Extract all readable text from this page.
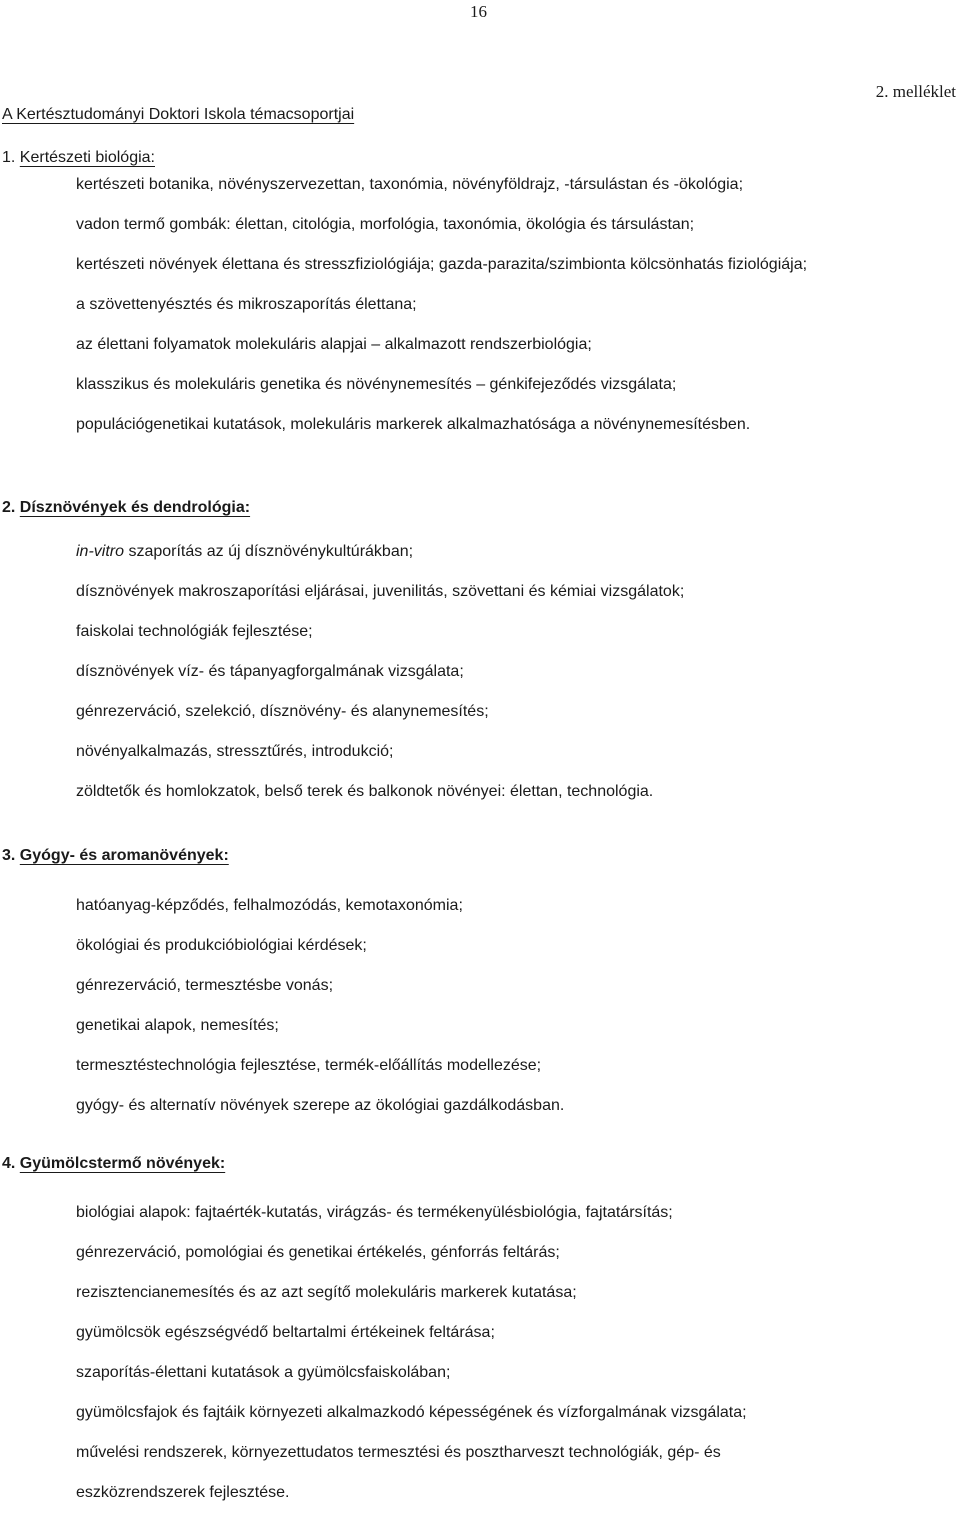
16
2. melléklet
A Kertésztudományi Doktori Iskola témacsoportjai
1. Kertészeti biológia:
kertészeti botanika, növényszervezettan, taxonómia, növényföldrajz, -társulástan és -ökológia;
vadon termő gombák: élettan, citológia, morfológia, taxonómia, ökológia és társulástan;
kertészeti növények élettana és stresszfiziológiája; gazda-parazita/szimbionta kölcsönhatás fiziológiája;
a szövettenyésztés és mikroszaporítás élettana;
az élettani folyamatok molekuláris alapjai – alkalmazott rendszerbiológia;
klasszikus és molekuláris genetika és növénynemesítés – génkifejeződés vizsgálata;
populációgenetikai kutatások, molekuláris markerek alkalmazhatósága a növénynemesítésben.
2. Dísznövények és dendrológia:
in-vitro szaporítás az új dísznövénykultúrákban;
dísznövények makroszaporítási eljárásai, juvenilitás, szövettani és kémiai vizsgálatok;
faiskolai technológiák fejlesztése;
dísznövények víz- és tápanyagforgalmának vizsgálata;
génrezerváció, szelekció, dísznövény- és alanynemesítés;
növényalkalmazás, stressztűrés, introdukció;
zöldtetők és homlokzatok, belső terek és balkonok növényei: élettan, technológia.
3. Gyógy- és aromanövények:
hatóanyag-képződés, felhalmozódás, kemotaxonómia;
ökológiai és produkcióbiológiai kérdések;
génrezerváció, termesztésbe vonás;
genetikai alapok, nemesítés;
termesztéstechnológia fejlesztése, termék-előállítás modellezése;
gyógy- és alternatív növények szerepe az ökológiai gazdálkodásban.
4. Gyümölcstermő növények:
biológiai alapok: fajtaérték-kutatás, virágzás- és termékenyülésbiológia, fajtatársítás;
génrezerváció, pomológiai és genetikai értékelés, génforrás feltárás;
rezisztencianemesítés és az azt segítő molekuláris markerek kutatása;
gyümölcsök egészségvédő beltartalmi értékeinek feltárása;
szaporítás-élettani kutatások a gyümölcsfaiskolában;
gyümölcsfajok és fajtáik környezeti alkalmazkodó képességének és vízforgalmának vizsgálata;
művelési rendszerek, környezettudatos termesztési és posztharveszt technológiák, gép- és
eszközrendszerek fejlesztése.
